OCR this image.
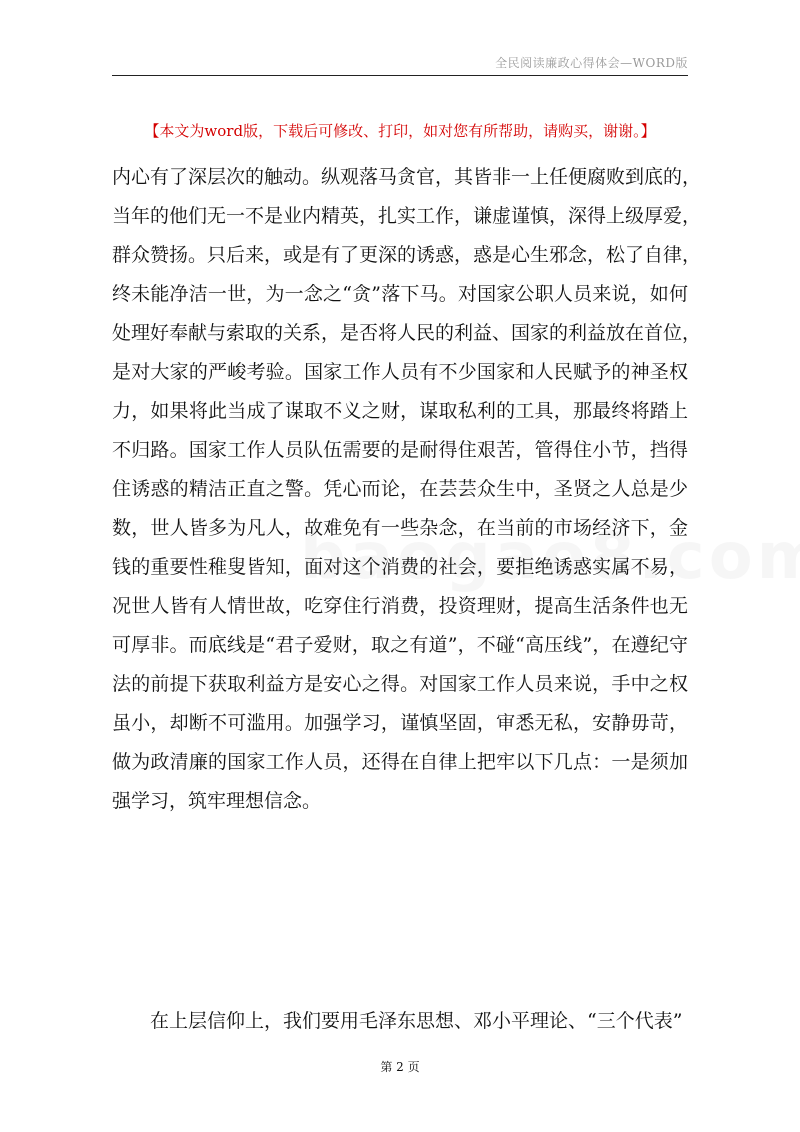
全民阅读廉政心得体会—WORD版
【本文为word版，下载后可修改、打印，如对您有所帮助，请购买，谢谢。】
内心有了深层次的触动。纵观落马贪官，其皆非一上任便腐败到底的，
当年的他们无一不是业内精英，扎实工作，谦虚谨慎，深得上级厚爱，
群众赞扬。只后来，或是有了更深的诱惑，惑是心生邪念，松了自律，
终未能净洁一世，为一念之“贪”落下马。对国家公职人员来说，如何
处理好奉献与索取的关系，是否将人民的利益、国家的利益放在首位，
是对大家的严峻考验。国家工作人员有不少国家和人民赋予的神圣权
力，如果将此当成了谋取不义之财，谋取私利的工具，那最终将踏上
不归路。国家工作人员队伍需要的是耐得住艰苦，管得住小节，挡得
住诱惑的精洁正直之警。凭心而论，在芸芸众生中，圣贤之人总是少
数，世人皆多为凡人，故难免有一些杂念，在当前的市场经济下，金
钱的重要性稚叟皆知，面对这个消费的社会，要拒绝诱惑实属不易，
况世人皆有人情世故，吃穿住行消费，投资理财，提高生活条件也无
可厚非。而底线是“君子爱财，取之有道”，不碰“高压线”，在遵纪守
法的前提下获取利益方是安心之得。对国家工作人员来说，手中之权
虽小，却断不可滥用。加强学习，谨慎坚固，审悉无私，安静毋苛，
做为政清廉的国家工作人员，还得在自律上把牢以下几点：一是须加
强学习，筑牢理想信念。
在上层信仰上，我们要用毛泽东思想、邓小平理论、“三个代表”
第 2 页
